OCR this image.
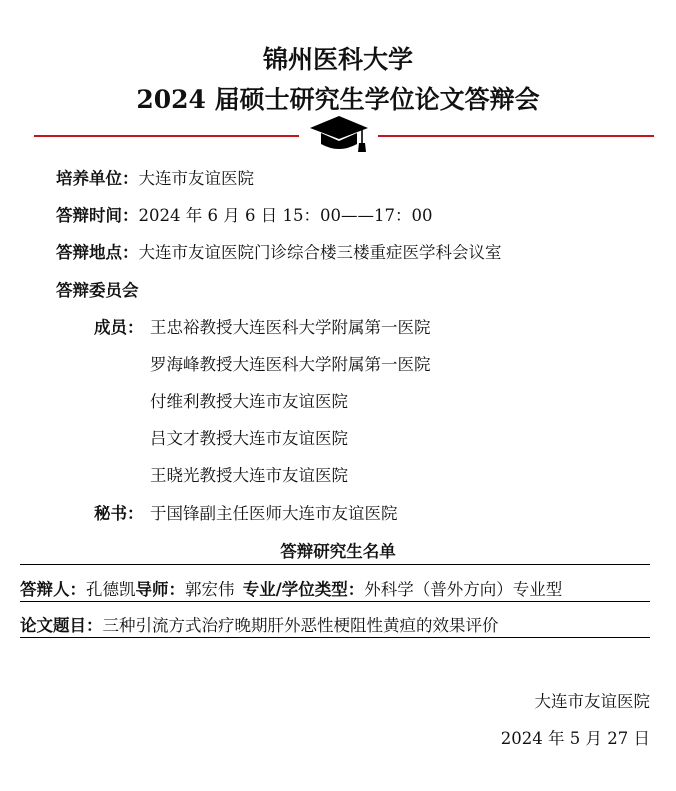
锦州医科大学
2024 届硕士研究生学位论文答辩会
培养单位：大连市友谊医院
答辩时间：2024 年 6 月 6 日 15：00——17：00
答辩地点：大连市友谊医院门诊综合楼三楼重症医学科会议室
答辩委员会
成员： 王忠裕教授大连医科大学附属第一医院
罗海峰教授大连医科大学附属第一医院
付维利教授大连市友谊医院
吕文才教授大连市友谊医院
王晓光教授大连市友谊医院
秘书： 于国锋副主任医师大连市友谊医院
答辩研究生名单
答辩人：孔德凯导师：郭宏伟  专业/学位类型：外科学（普外方向）专业型
论文题目：三种引流方式治疗晚期肝外恶性梗阻性黄疸的效果评价
大连市友谊医院
2024 年 5 月 27 日
